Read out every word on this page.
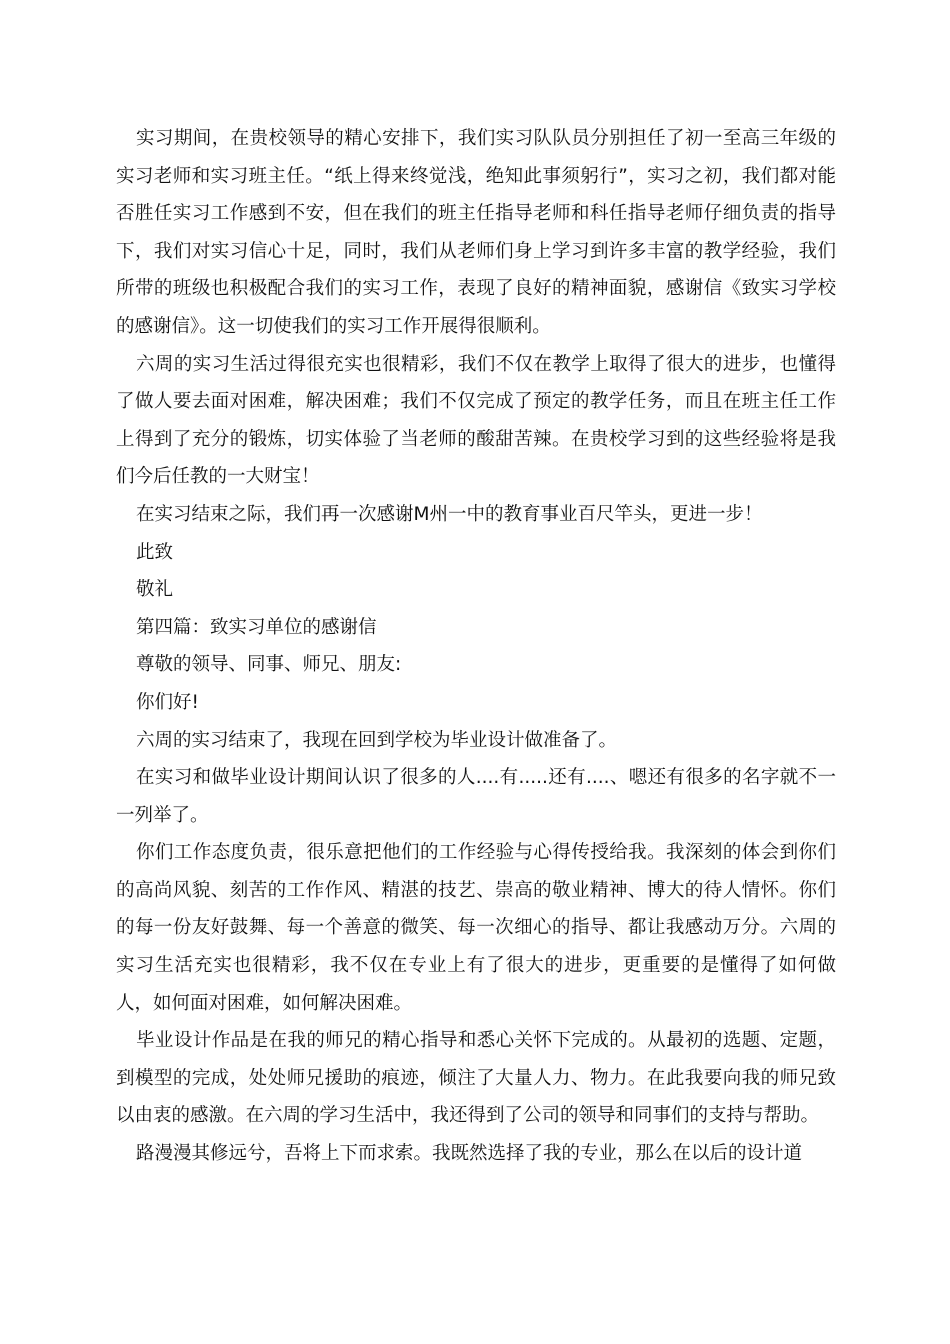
实习期间，在贵校领导的精心安排下，我们实习队队员分别担任了初一至高三年级的实习老师和实习班主任。“纸上得来终觉浅，绝知此事须躬行”，实习之初，我们都对能否胜任实习工作感到不安，但在我们的班主任指导老师和科任指导老师仔细负责的指导下，我们对实习信心十足，同时，我们从老师们身上学习到许多丰富的教学经验，我们所带的班级也积极配合我们的实习工作，表现了良好的精神面貌，感谢信《致实习学校的感谢信》。这一切使我们的实习工作开展得很顺利。

六周的实习生活过得很充实也很精彩，我们不仅在教学上取得了很大的进步，也懂得了做人要去面对困难，解决困难；我们不仅完成了预定的教学任务，而且在班主任工作上得到了充分的锻炼，切实体验了当老师的酸甜苦辣。在贵校学习到的这些经验将是我们今后任教的一大财宝！

在实习结束之际，我们再一次感谢M州一中的教育事业百尺竿头，更进一步！

此致

敬礼

第四篇：致实习单位的感谢信

尊敬的领导、同事、师兄、朋友:

你们好!

六周的实习结束了，我现在回到学校为毕业设计做准备了。

在实习和做毕业设计期间认识了很多的人....有.....还有....、嗯还有很多的名字就不一一列举了。

你们工作态度负责，很乐意把他们的工作经验与心得传授给我。我深刻的体会到你们的高尚风貌、刻苦的工作作风、精湛的技艺、崇高的敬业精神、博大的待人情怀。你们的每一份友好鼓舞、每一个善意的微笑、每一次细心的指导、都让我感动万分。六周的实习生活充实也很精彩，我不仅在专业上有了很大的进步，更重要的是懂得了如何做人，如何面对困难，如何解决困难。

毕业设计作品是在我的师兄的精心指导和悉心关怀下完成的。从最初的选题、定题，到模型的完成，处处师兄援助的痕迹，倾注了大量人力、物力。在此我要向我的师兄致以由衷的感激。在六周的学习生活中，我还得到了公司的领导和同事们的支持与帮助。

路漫漫其修远兮，吾将上下而求索。我既然选择了我的专业，那么在以后的设计道
